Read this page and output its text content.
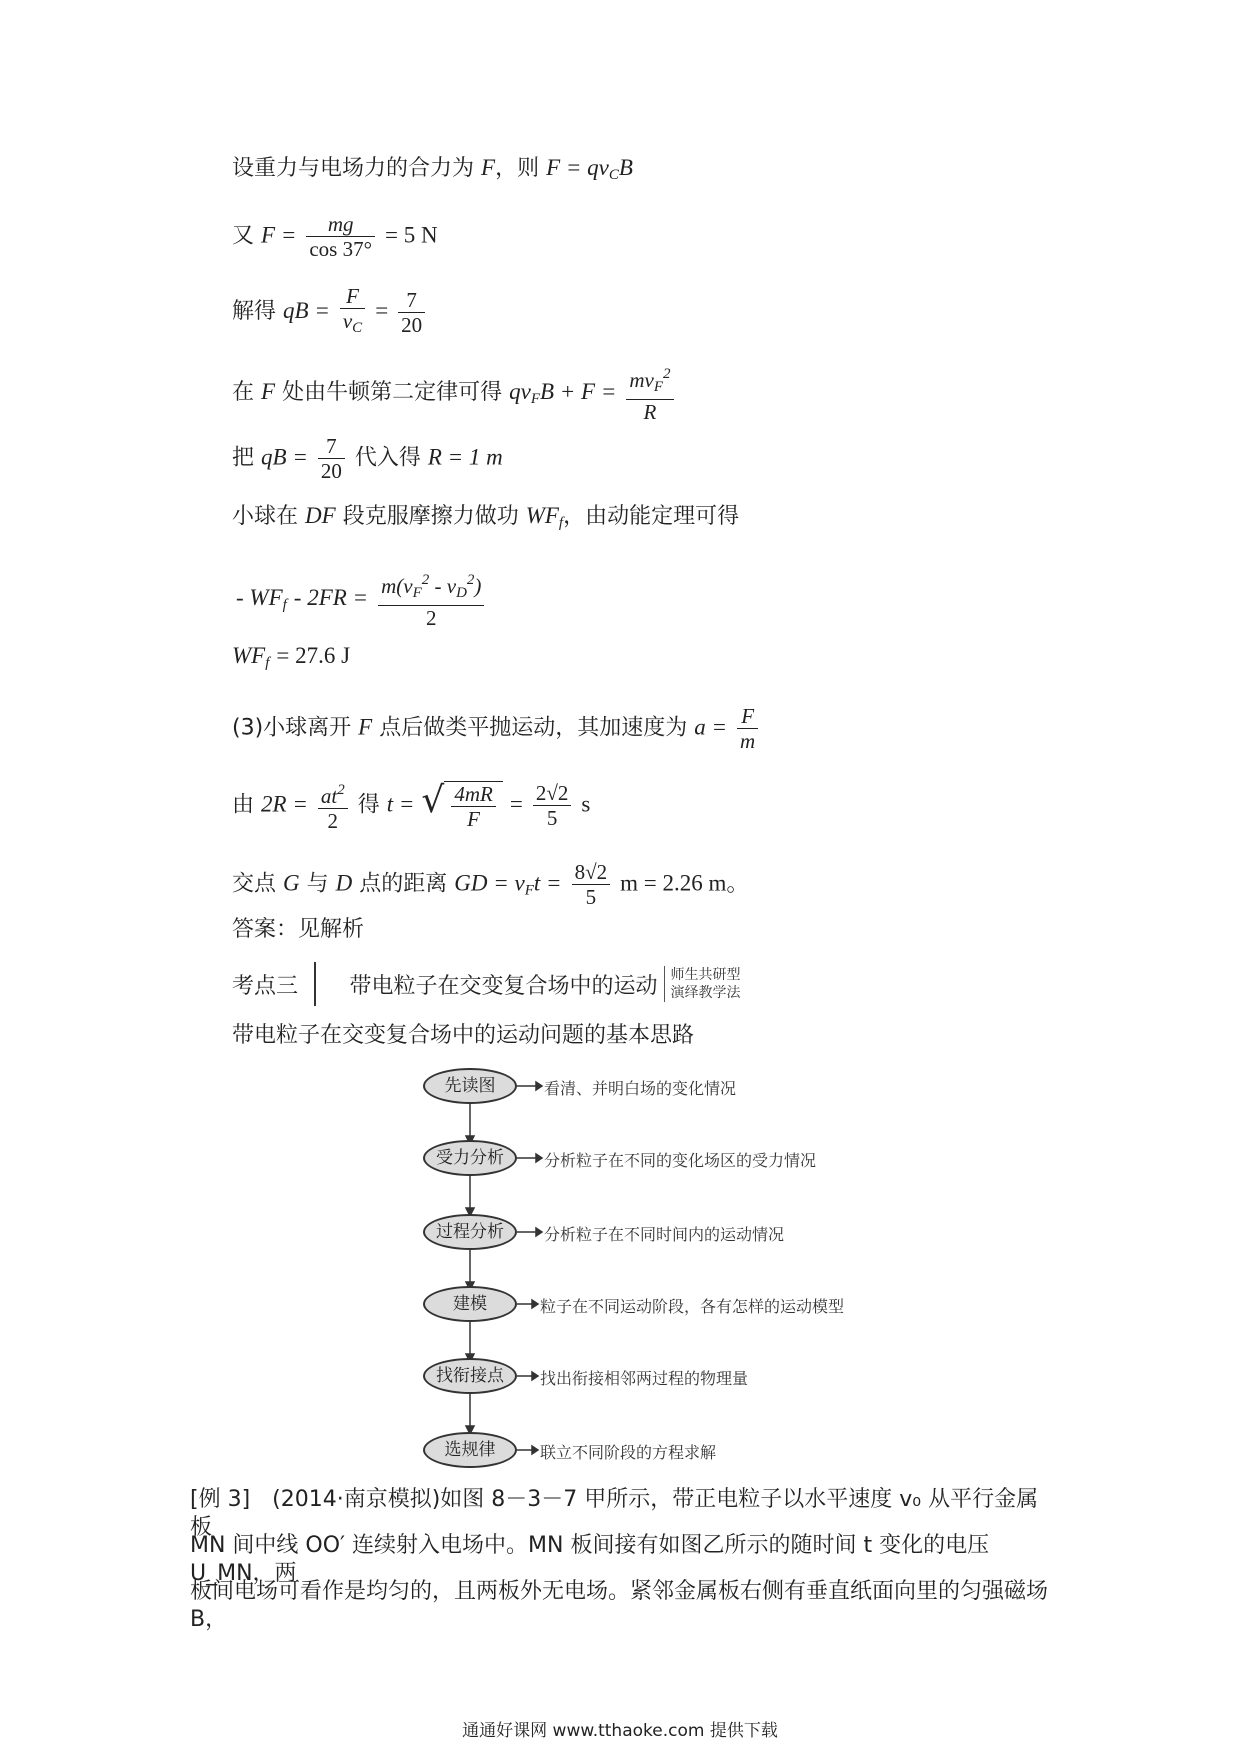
设重力与电场力的合力为 F，则 $F = qv_CB$
又 $F = \frac{mg}{\cos 37^\circ} = 5$ N
解得 qB = $\frac{F}{v_C} = \frac{7}{20}$
在 F 处由牛顿第二定律可得 $qv_FB + F = \frac{mv_F^2}{R}$
把 qB = $\frac{7}{20}$ 代入得 R = 1 m
小球在 DF 段克服摩擦力做功 $WF_f$，由动能定理可得
- $WF_f - 2FR = \frac{m(v_F^2 - v_D^2)}{2}$
$WF_f = 27.6$ J
(3)小球离开 F 点后做类平抛运动，其加速度为 $a = \frac{F}{m}$
由 $2R = \frac{at^2}{2}$ 得 t = √ $\frac{4mR}{F} = \frac{2√2}{5}$ s
交点 G 与 D 点的距离 GD = $v_Ft = \frac{8√2}{5}$ m = 2.26 m。
答案：见解析
考点三 带电粒子在交变复合场中的运动 师生共研型
演绎教学法
带电粒子在交变复合场中的运动问题的基本思路
先读图	看清、并明白场的变化情况
受力分析	分析粒子在不同的变化场区的受力情况
过程分析	分析粒子在不同时间内的运动情况
建模	粒子在不同运动阶段，各有怎样的运动模型
找衔接点	找出衔接相邻两过程的物理量
选规律	联立不同阶段的方程求解
[例 3]　(2014·南京模拟)如图 8－3－7 甲所示，带正电粒子以水平速度 v₀ 从平行金属板
MN 间中线 OO′ 连续射入电场中。MN 板间接有如图乙所示的随时间 t 变化的电压 U_MN，两
板间电场可看作是均匀的，且两板外无电场。紧邻金属板右侧有垂直纸面向里的匀强磁场 B，
通通好课网 www.tthaoke.com 提供下载
